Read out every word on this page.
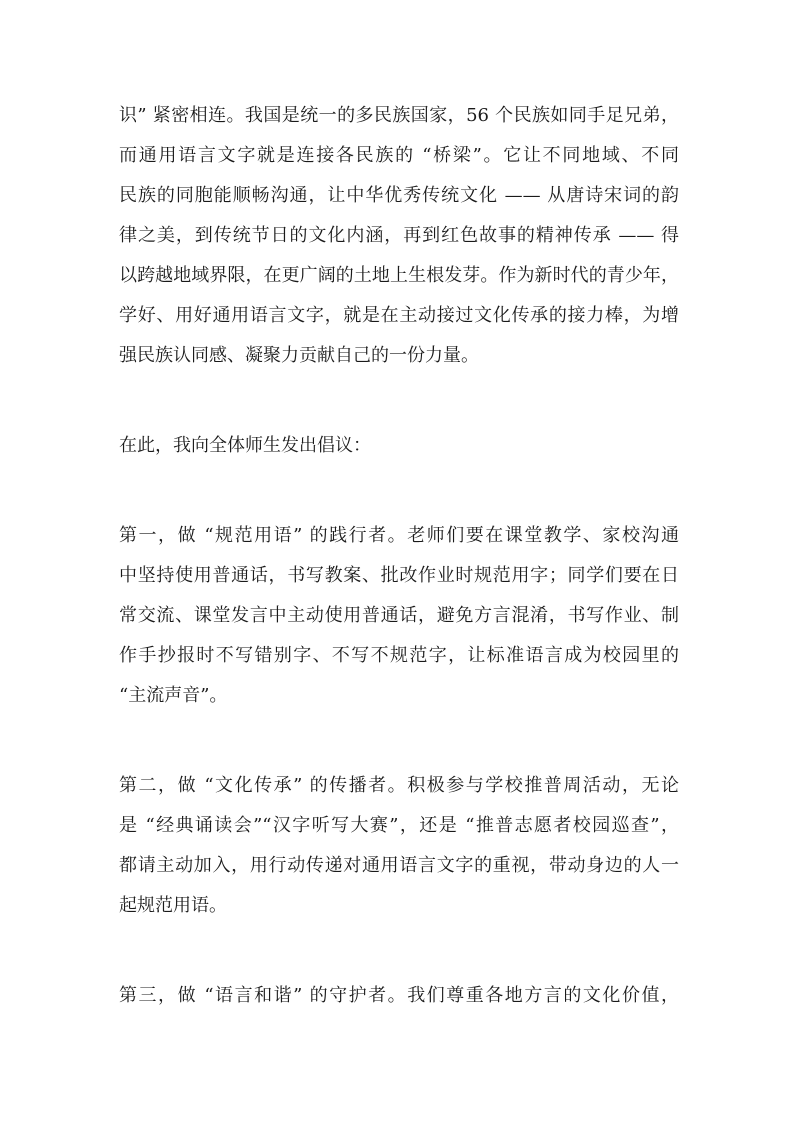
识” 紧密相连。我国是统一的多民族国家，56 个民族如同手足兄弟，
而通用语言文字就是连接各民族的 “桥梁”。它让不同地域、不同
民族的同胞能顺畅沟通，让中华优秀传统文化 —— 从唐诗宋词的韵
律之美，到传统节日的文化内涵，再到红色故事的精神传承 —— 得
以跨越地域界限，在更广阔的土地上生根发芽。作为新时代的青少年，
学好、用好通用语言文字，就是在主动接过文化传承的接力棒，为增
强民族认同感、凝聚力贡献自己的一份力量。

在此，我向全体师生发出倡议：

第一，做 “规范用语” 的践行者。老师们要在课堂教学、家校沟通
中坚持使用普通话，书写教案、批改作业时规范用字；同学们要在日
常交流、课堂发言中主动使用普通话，避免方言混淆，书写作业、制
作手抄报时不写错别字、不写不规范字，让标准语言成为校园里的
“主流声音”。

第二，做 “文化传承” 的传播者。积极参与学校推普周活动，无论
是 “经典诵读会”“汉字听写大赛”，还是 “推普志愿者校园巡查”，
都请主动加入，用行动传递对通用语言文字的重视，带动身边的人一
起规范用语。

第三，做 “语言和谐” 的守护者。我们尊重各地方言的文化价值，
